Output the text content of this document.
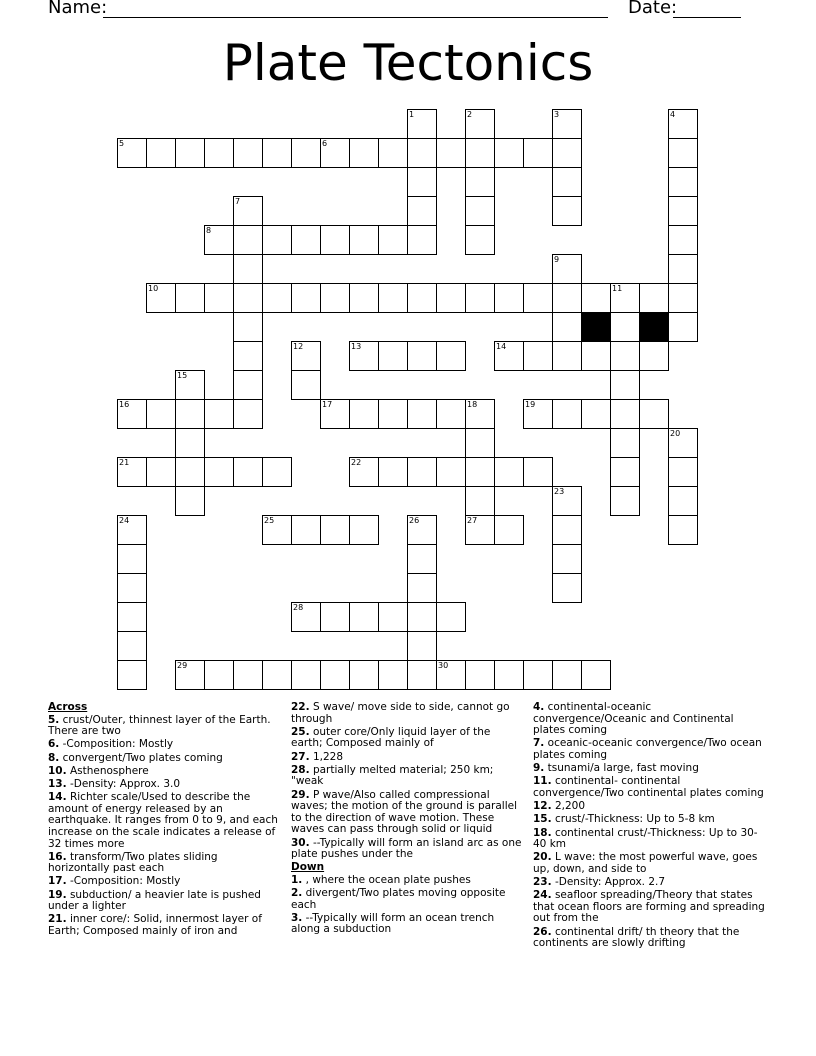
Name:	Date:
Plate Tectonics
1	2	3	4
5	6
7
8
9
10	11
12	13	14
15
16	17	18	19
20
21	22
23
24	25	26	27
28
29	30
Across
5. crust/Outer, thinnest layer of the Earth. There are two
6. -Composition: Mostly
8. convergent/Two plates coming
10. Asthenosphere
13. -Density: Approx. 3.0
14. Richter scale/Used to describe the amount of energy released by an earthquake. It ranges from 0 to 9, and each increase on the scale indicates a release of 32 times more
16. transform/Two plates sliding horizontally past each
17. -Composition: Mostly
19. subduction/ a heavier late is pushed under a lighter
21. inner core/: Solid, innermost layer of Earth; Composed mainly of iron and
22. S wave/ move side to side, cannot go through
25. outer core/Only liquid layer of the earth; Composed mainly of
27. 1,228
28. partially melted material; 250 km; "weak
29. P wave/Also called compressional waves; the motion of the ground is parallel to the direction of wave motion. These waves can pass through solid or liquid
30. --Typically will form an island arc as one plate pushes under the
Down
1. , where the ocean plate pushes
2. divergent/Two plates moving opposite each
3. --Typically will form an ocean trench along a subduction
4. continental-oceanic convergence/Oceanic and Continental plates coming
7. oceanic-oceanic convergence/Two ocean plates coming
9. tsunami/a large, fast moving
11. continental- continental convergence/Two continental plates coming
12. 2,200
15. crust/-Thickness: Up to 5-8 km
18. continental crust/-Thickness: Up to 30-40 km
20. L wave: the most powerful wave, goes up, down, and side to
23. -Density: Approx. 2.7
24. seafloor spreading/Theory that states that ocean floors are forming and spreading out from the
26. continental drift/ th theory that the continents are slowly drifting
